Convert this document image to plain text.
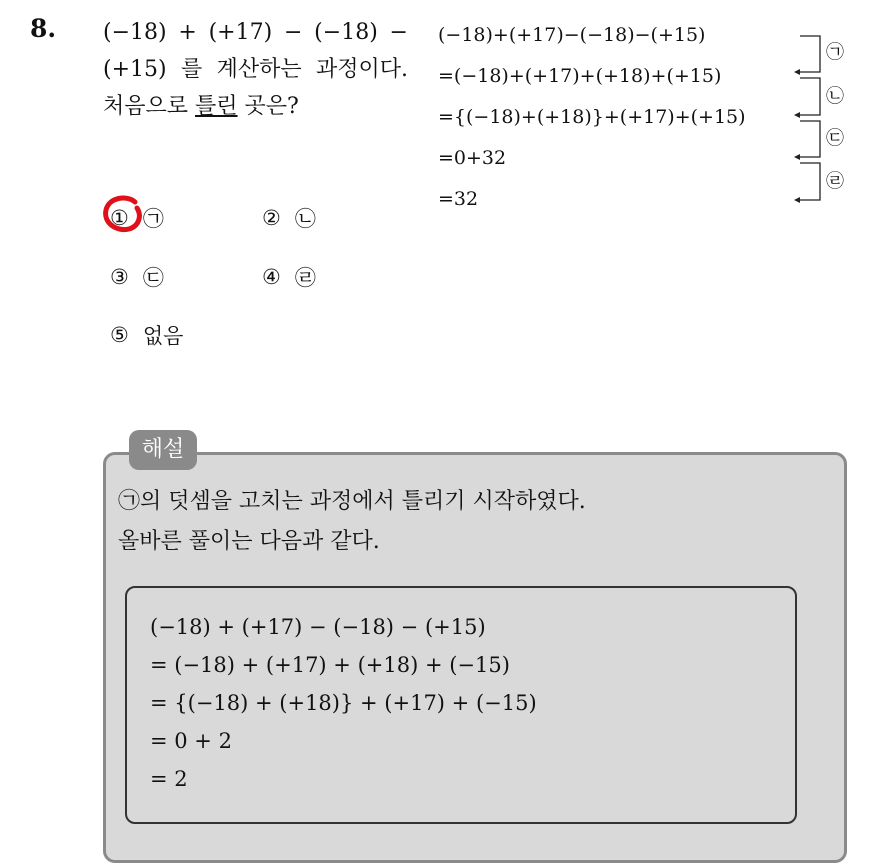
8. (−18) + (+17) − (−18) − (+15) 를 계산하는 과정이다. 처음으로 틀린 곳은?
① ㉠	② ㉡
③ ㉢	④ ㉣
⑤ 없음
(−18)+(+17)−(−18)−(+15)
=(−18)+(+17)+(+18)+(+15)
={(−18)+(+18)}+(+17)+(+15)
=0+32
=32
㉠
㉡
㉢
㉣
해설
㉠의 덧셈을 고치는 과정에서 틀리기 시작하였다.
올바른 풀이는 다음과 같다.
(−18) + (+17) − (−18) − (+15)
= (−18) + (+17) + (+18) + (−15)
= {(−18) + (+18)} + (+17) + (−15)
= 0 + 2
= 2
